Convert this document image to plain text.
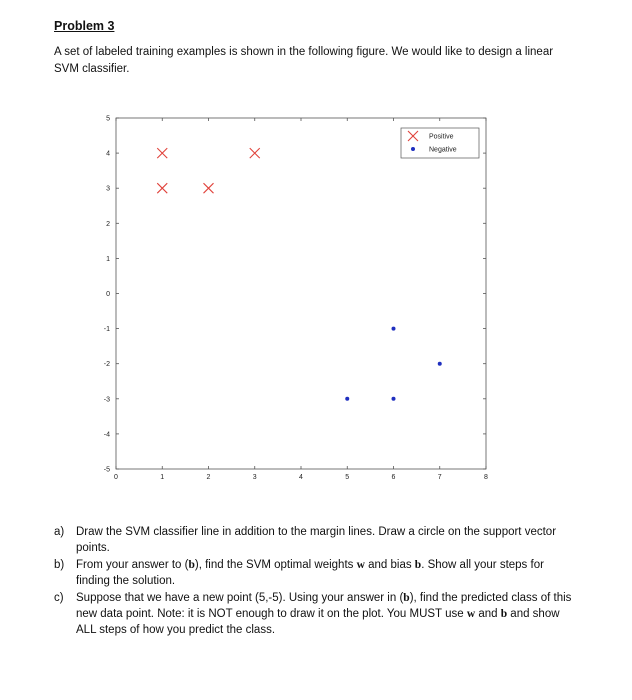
Problem 3
A set of labeled training examples is shown in the following figure. We would like to design a linear SVM classifier.
0	1	2	3	4	5	6	7	8
-5
-4
-3
-2
-1
0
1
2
3
4
5
Positive
Negative
a) Draw the SVM classifier line in addition to the margin lines. Draw a circle on the support vector points.
b) From your answer to (b), find the SVM optimal weights w and bias b. Show all your steps for finding the solution.
c) Suppose that we have a new point (5,-5). Using your answer in (b), find the predicted class of this new data point. Note: it is NOT enough to draw it on the plot. You MUST use w and b and show ALL steps of how you predict the class.
